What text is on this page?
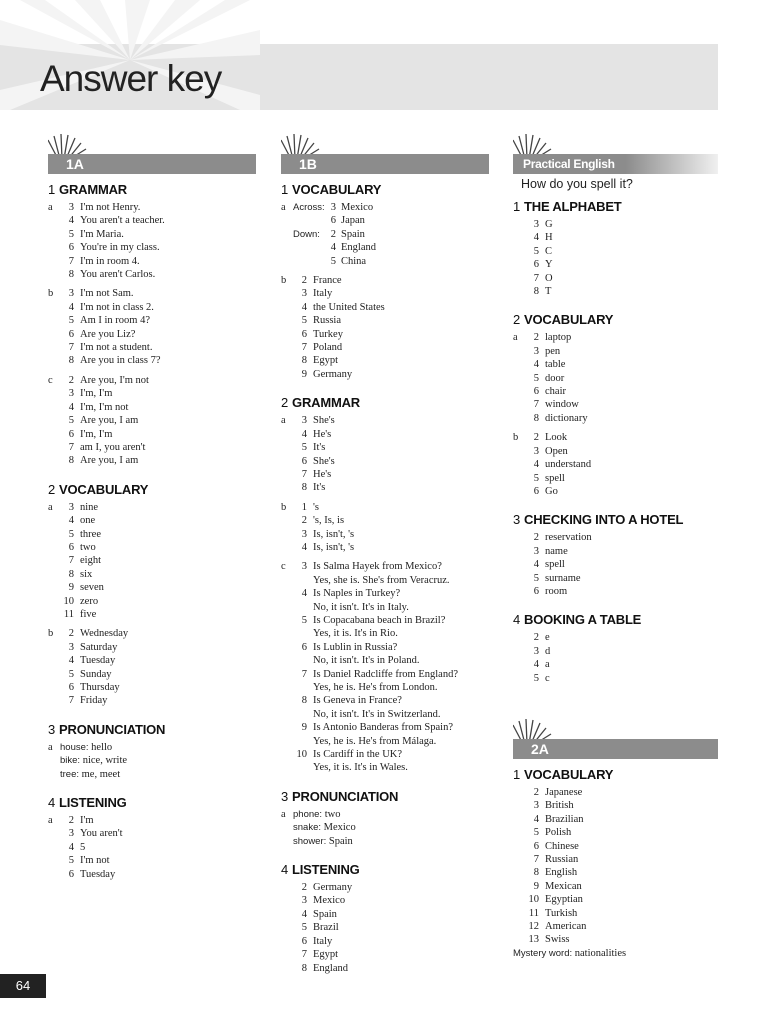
Answer key
1A
1 GRAMMAR
a	3 I'm not Henry.
4 You aren't a teacher.
5 I'm Maria.
6 You're in my class.
7 I'm in room 4.
8 You aren't Carlos.
b	3 I'm not Sam.
4 I'm not in class 2.
5 Am I in room 4?
6 Are you Liz?
7 I'm not a student.
8 Are you in class 7?
c	2 Are you, I'm not
3 I'm, I'm
4 I'm, I'm not
5 Are you, I am
6 I'm, I'm
7 am I, you aren't
8 Are you, I am
2 VOCABULARY
a	3 nine
4 one
5 three
6 two
7 eight
8 six
9 seven
10 zero
11 five
b	2 Wednesday
3 Saturday
4 Tuesday
5 Sunday
6 Thursday
7 Friday
3 PRONUNCIATION
a house: hello
bike: nice, write
tree: me, meet
4 LISTENING
a	2 I'm
3 You aren't
4 5
5 I'm not
6 Tuesday
1B
1 VOCABULARY
a Across: 3 Mexico
6 Japan
Down:	2 Spain
4 England
5 China
b	2 France
3 Italy
4 the United States
5 Russia
6 Turkey
7 Poland
8 Egypt
9 Germany
2 GRAMMAR
a	3 She's
4 He's
5 It's
6 She's
7 He's
8 It's
b	1 's
2 's, Is, is
3 Is, isn't, 's
4 Is, isn't, 's
c	3 Is Salma Hayek from Mexico?
Yes, she is. She's from Veracruz.
4 Is Naples in Turkey?
No, it isn't. It's in Italy.
5 Is Copacabana beach in Brazil?
Yes, it is. It's in Rio.
6 Is Lublin in Russia?
No, it isn't. It's in Poland.
7 Is Daniel Radcliffe from England?
Yes, he is. He's from London.
8 Is Geneva in France?
No, it isn't. It's in Switzerland.
9 Is Antonio Banderas from Spain?
Yes, he is. He's from Málaga.
10 Is Cardiff in the UK?
Yes, it is. It's in Wales.
3 PRONUNCIATION
a phone: two
snake: Mexico
shower: Spain
4 LISTENING
2 Germany
3 Mexico
4 Spain
5 Brazil
6 Italy
7 Egypt
8 England
Practical English
How do you spell it?
1 THE ALPHABET
3 G
4 H
5 C
6 Y
7 O
8 T
2 VOCABULARY
a	2 laptop
3 pen
4 table
5 door
6 chair
7 window
8 dictionary
b	2 Look
3 Open
4 understand
5 spell
6 Go
3 CHECKING INTO A HOTEL
2 reservation
3 name
4 spell
5 surname
6 room
4 BOOKING A TABLE
2 e
3 d
4 a
5 c
2A
1 VOCABULARY
2 Japanese
3 British
4 Brazilian
5 Polish
6 Chinese
7 Russian
8 English
9 Mexican
10 Egyptian
11 Turkish
12 American
13 Swiss
Mystery word: nationalities
64
